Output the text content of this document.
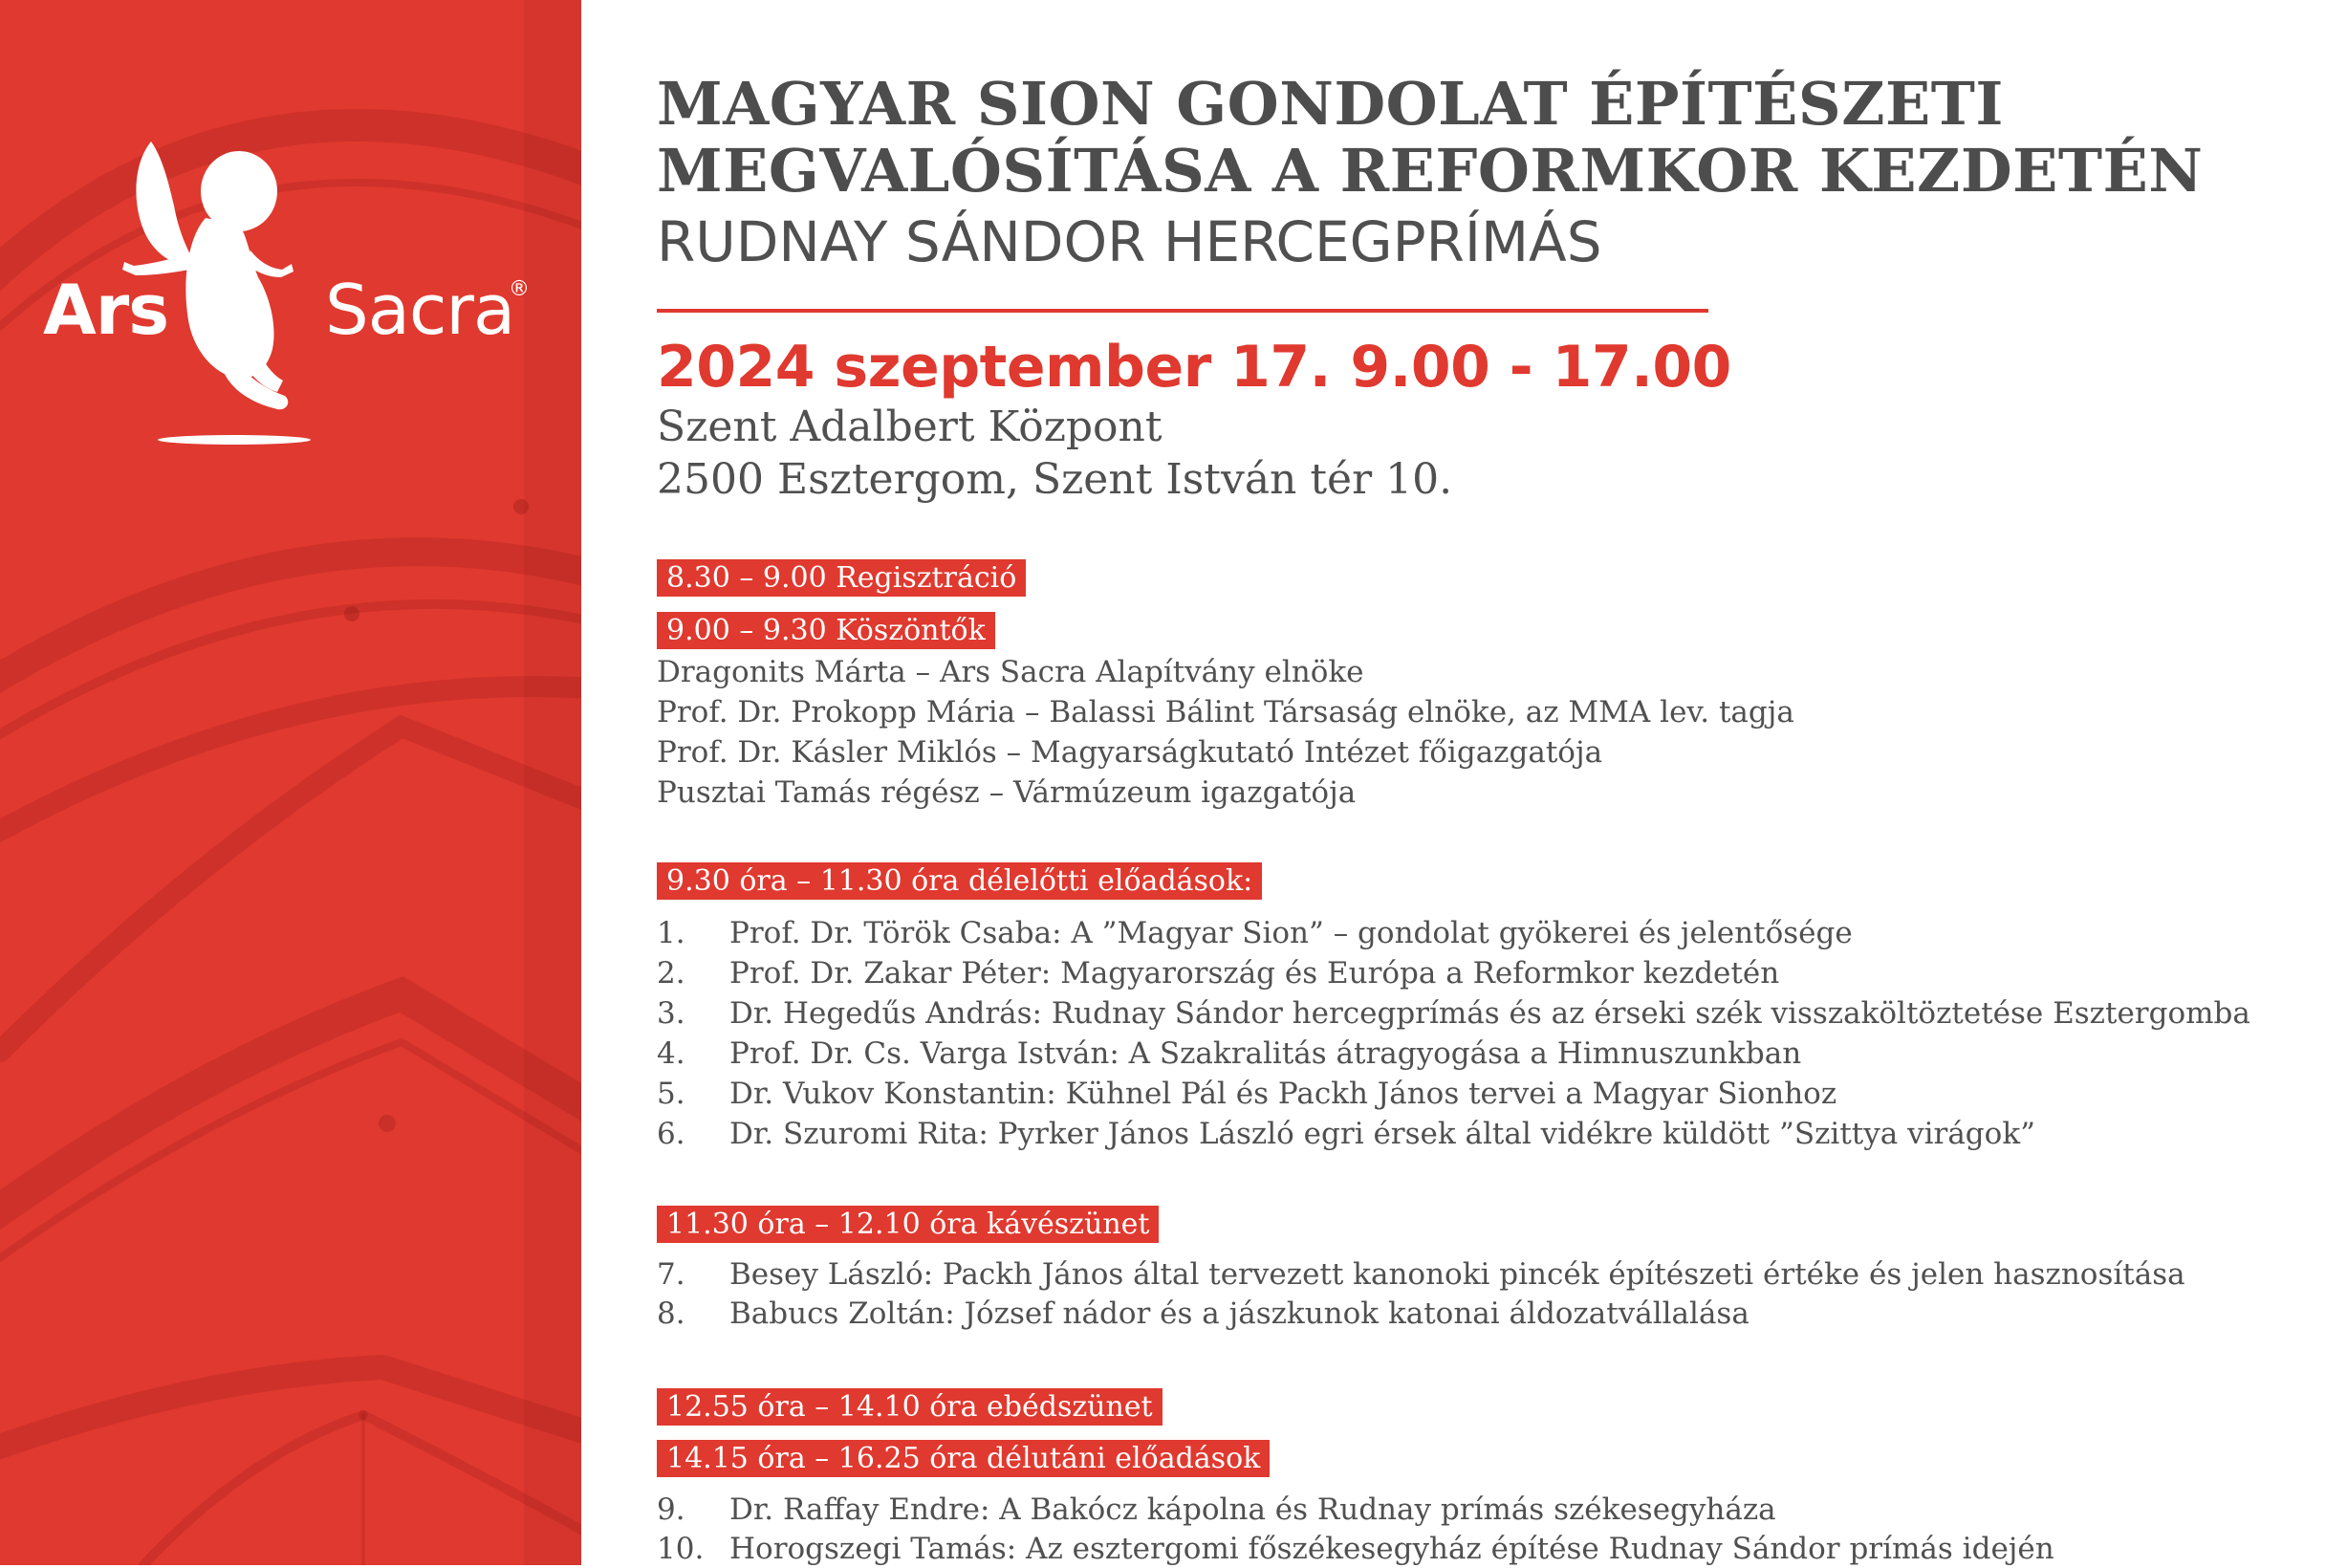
Ars Sacra
®
MAGYAR SION GONDOLAT ÉPÍTÉSZETI
MEGVALÓSÍTÁSA A REFORMKOR KEZDETÉN
RUDNAY SÁNDOR HERCEGPRÍMÁS
2024 szeptember 17. 9.00 - 17.00
Szent Adalbert Központ
2500 Esztergom, Szent István tér 10.
8.30 – 9.00 Regisztráció
9.00 – 9.30 Köszöntők
Dragonits Márta – Ars Sacra Alapítvány elnöke
Prof. Dr. Prokopp Mária – Balassi Bálint Társaság elnöke, az MMA lev. tagja
Prof. Dr. Kásler Miklós – Magyarságkutató Intézet főigazgatója
Pusztai Tamás régész – Vármúzeum igazgatója
9.30 óra – 11.30 óra délelőtti előadások:
1.	Prof. Dr. Török Csaba: A ”Magyar Sion” – gondolat gyökerei és jelentősége
2.	Prof. Dr. Zakar Péter: Magyarország és Európa a Reformkor kezdetén
3.	Dr. Hegedűs András: Rudnay Sándor hercegprímás és az érseki szék visszaköltöztetése Esztergomba
4.	Prof. Dr. Cs. Varga István: A Szakralitás átragyogása a Himnuszunkban
5.	Dr. Vukov Konstantin: Kühnel Pál és Packh János tervei a Magyar Sionhoz
6.	Dr. Szuromi Rita: Pyrker János László egri érsek által vidékre küldött ”Szittya virágok”
11.30 óra – 12.10 óra kávészünet
7.	Besey László: Packh János által tervezett kanonoki pincék építészeti értéke és jelen hasznosítása
8.	Babucs Zoltán: József nádor és a jászkunok katonai áldozatvállalása
12.55 óra – 14.10 óra ebédszünet
14.15 óra – 16.25 óra délutáni előadások
9.	Dr. Raffay Endre: A Bakócz kápolna és Rudnay prímás székesegyháza
10. Horogszegi Tamás: Az esztergomi főszékesegyház építése Rudnay Sándor prímás idején
